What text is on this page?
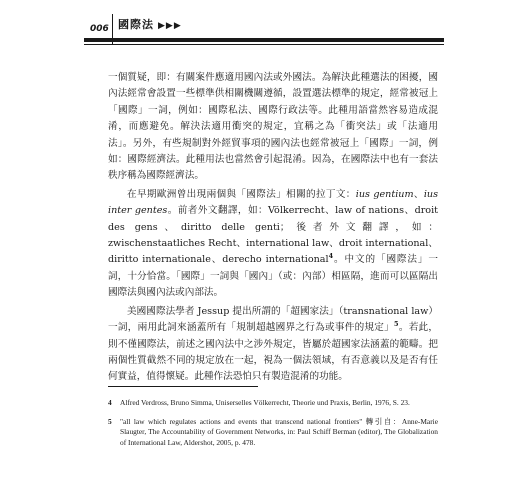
006 國際法 ▶▶▶

一個質疑，即：有關案件應適用國內法或外國法。為解決此種選法的困擾，國內法經常會設置一些標準供相關機關遵循，設置選法標準的規定，經常被冠上「國際」一詞，例如：國際私法、國際行政法等。此種用語當然容易造成混淆，而應避免。解決法適用衝突的規定，宜稱之為「衝突法」或「法適用法」。另外，有些規制對外經貿事項的國內法也經常被冠上「國際」一詞，例如：國際經濟法。此種用法也當然會引起混淆。因為，在國際法中也有一套法秩序稱為國際經濟法。

在早期歐洲曾出現兩個與「國際法」相關的拉丁文：ius gentium、ius inter gentes。前者外文翻譯，如：Völkerrecht、law of nations、droit des gens、diritto delle genti；後者外文翻譯，如：zwischenstaatliches Recht、international law、droit international、diritto internationale、derecho international$^4$。中文的「國際法」一詞，十分恰當。「國際」一詞與「國內」（或：內部）相區隔，進而可以區隔出國際法與國內法或內部法。

美國國際法學者 Jessup 提出所謂的「超國家法」（transnational law）一詞，兩用此詞來涵蓋所有「規制超越國界之行為或事件的規定」$^5$。若此，則不僅國際法，前述之國內法中之涉外規定，皆屬於超國家法涵蓋的範疇。把兩個性質截然不同的規定放在一起，視為一個法領域，有否意義以及是否有任何實益，值得懷疑。此種作法恐怕只有製造混淆的功能。

4	Alfred Verdross, Bruno Simma, Uniserselles Völkerrecht, Theorie und Praxis, Berlin, 1976, S. 23.
5	"all law which regulates actions and events that transcend national frontiers" 轉引自：Anne-Marie Slaugter, The Accountability of Government Networks, in: Paul Schiff Berman (editor), The Globalization of International Law, Aldershot, 2005, p. 478.
